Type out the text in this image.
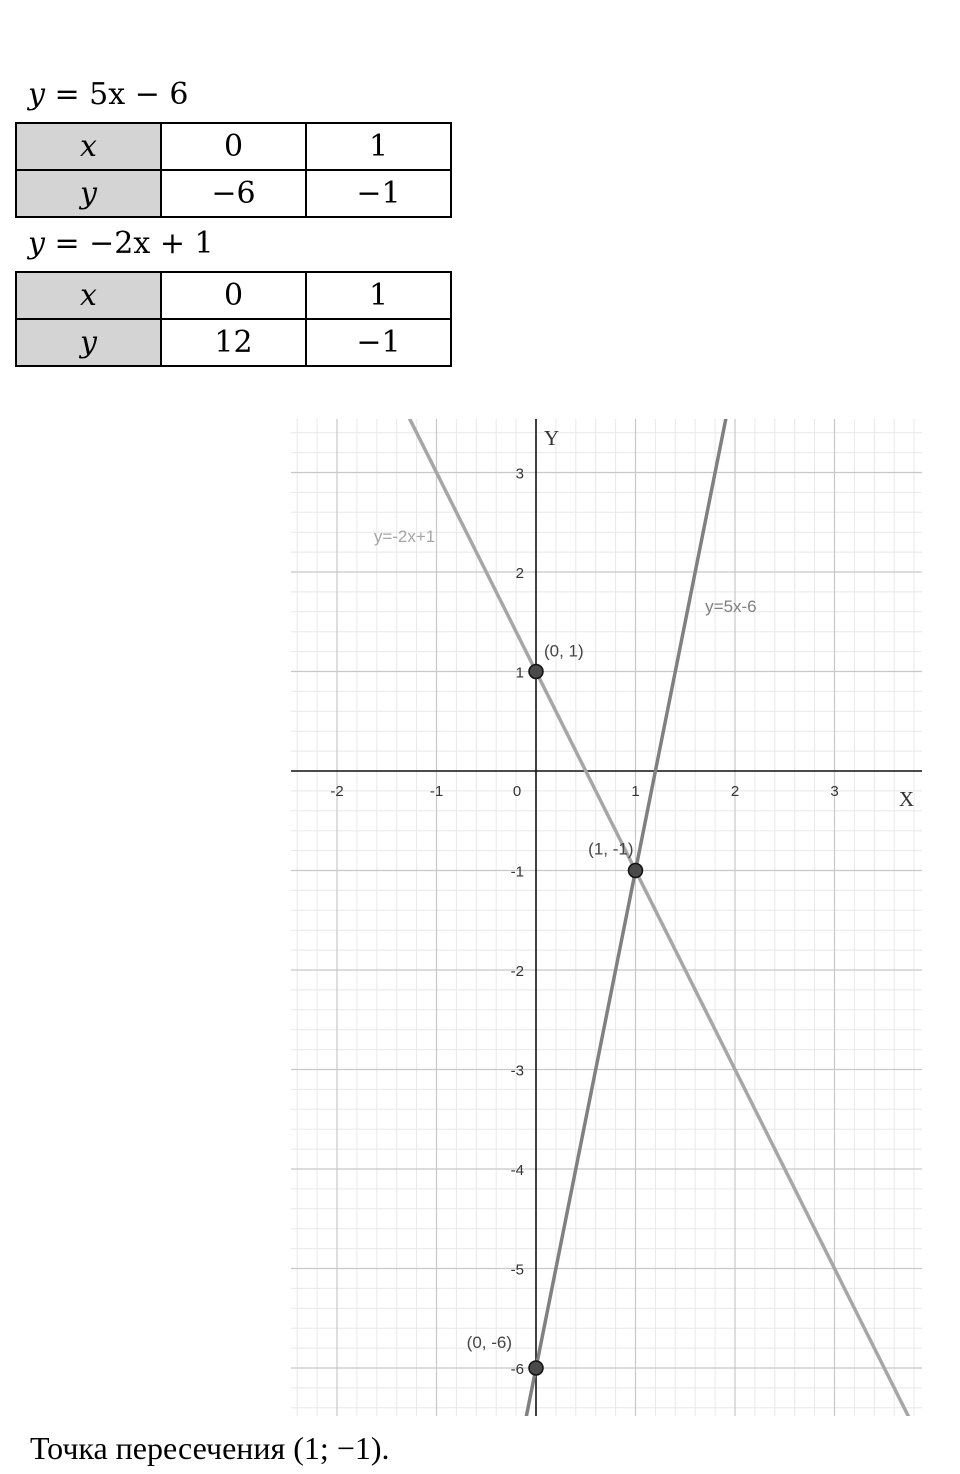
y = 5x − 6
x	0	1
y	−6	−1
y = −2x + 1
x	0	1
y	12	−1
-2	-1	0	1	2	3
-6
-5
-4
-3
-2
-1
1
2
3
X
Y
y=5x-6
y=-2x+1
(0, 1)
(1, -1)
(0, -6)
Точка пересечения (1; −1).
